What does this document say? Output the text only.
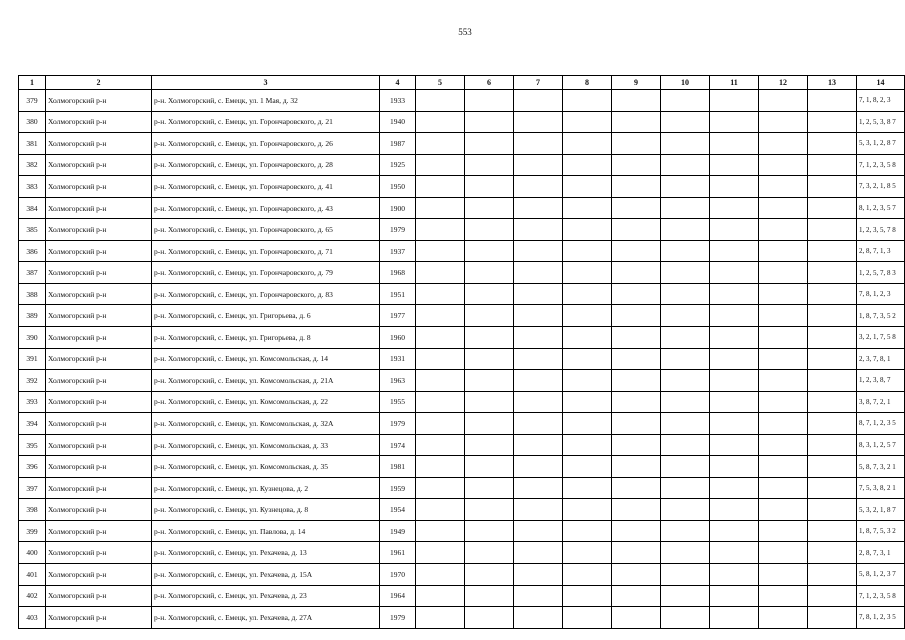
553
1	2	3	4	5	6	7	8	9	10	11	12	13	14
379	Холмогорский р-н	р-н. Холмогорский, с. Емецк, ул. 1 Мая, д. 32	1933										7, 1, 8, 2, 3
380	Холмогорский р-н	р-н. Холмогорский, с. Емецк, ул. Горончаровского, д. 21	1940										1, 2, 5, 3, 8 7
381	Холмогорский р-н	р-н. Холмогорский, с. Емецк, ул. Горончаровского, д. 26	1987										5, 3, 1, 2, 8 7
382	Холмогорский р-н	р-н. Холмогорский, с. Емецк, ул. Горончаровского, д. 28	1925										7, 1, 2, 3, 5 8
383	Холмогорский р-н	р-н. Холмогорский, с. Емецк, ул. Горончаровского, д. 41	1950										7, 3, 2, 1, 8 5
384	Холмогорский р-н	р-н. Холмогорский, с. Емецк, ул. Горончаровского, д. 43	1900										8, 1, 2, 3, 5 7
385	Холмогорский р-н	р-н. Холмогорский, с. Емецк, ул. Горончаровского, д. 65	1979										1, 2, 3, 5, 7 8
386	Холмогорский р-н	р-н. Холмогорский, с. Емецк, ул. Горончаровского, д. 71	1937										2, 8, 7, 1, 3
387	Холмогорский р-н	р-н. Холмогорский, с. Емецк, ул. Горончаровского, д. 79	1968										1, 2, 5, 7, 8 3
388	Холмогорский р-н	р-н. Холмогорский, с. Емецк, ул. Горончаровского, д. 83	1951										7, 8, 1, 2, 3
389	Холмогорский р-н	р-н. Холмогорский, с. Емецк, ул. Григорьева, д. 6	1977										1, 8, 7, 3, 5 2
390	Холмогорский р-н	р-н. Холмогорский, с. Емецк, ул. Григорьева, д. 8	1960										3, 2, 1, 7, 5 8
391	Холмогорский р-н	р-н. Холмогорский, с. Емецк, ул. Комсомольская, д. 14	1931										2, 3, 7, 8, 1
392	Холмогорский р-н	р-н. Холмогорский, с. Емецк, ул. Комсомольская, д. 21А	1963										1, 2, 3, 8, 7
393	Холмогорский р-н	р-н. Холмогорский, с. Емецк, ул. Комсомольская, д. 22	1955										3, 8, 7, 2, 1
394	Холмогорский р-н	р-н. Холмогорский, с. Емецк, ул. Комсомольская, д. 32А	1979										8, 7, 1, 2, 3 5
395	Холмогорский р-н	р-н. Холмогорский, с. Емецк, ул. Комсомольская, д. 33	1974										8, 3, 1, 2, 5 7
396	Холмогорский р-н	р-н. Холмогорский, с. Емецк, ул. Комсомольская, д. 35	1981										5, 8, 7, 3, 2 1
397	Холмогорский р-н	р-н. Холмогорский, с. Емецк, ул. Кузнецова, д. 2	1959										7, 5, 3, 8, 2 1
398	Холмогорский р-н	р-н. Холмогорский, с. Емецк, ул. Кузнецова, д. 8	1954										5, 3, 2, 1, 8 7
399	Холмогорский р-н	р-н. Холмогорский, с. Емецк, ул. Павлова, д. 14	1949										1, 8, 7, 5, 3 2
400	Холмогорский р-н	р-н. Холмогорский, с. Емецк, ул. Рехачева, д. 13	1961										2, 8, 7, 3, 1
401	Холмогорский р-н	р-н. Холмогорский, с. Емецк, ул. Рехачева, д. 15А	1970										5, 8, 1, 2, 3 7
402	Холмогорский р-н	р-н. Холмогорский, с. Емецк, ул. Рехачева, д. 23	1964										7, 1, 2, 3, 5 8
403	Холмогорский р-н	р-н. Холмогорский, с. Емецк, ул. Рехачева, д. 27А	1979										7, 8, 1, 2, 3 5
